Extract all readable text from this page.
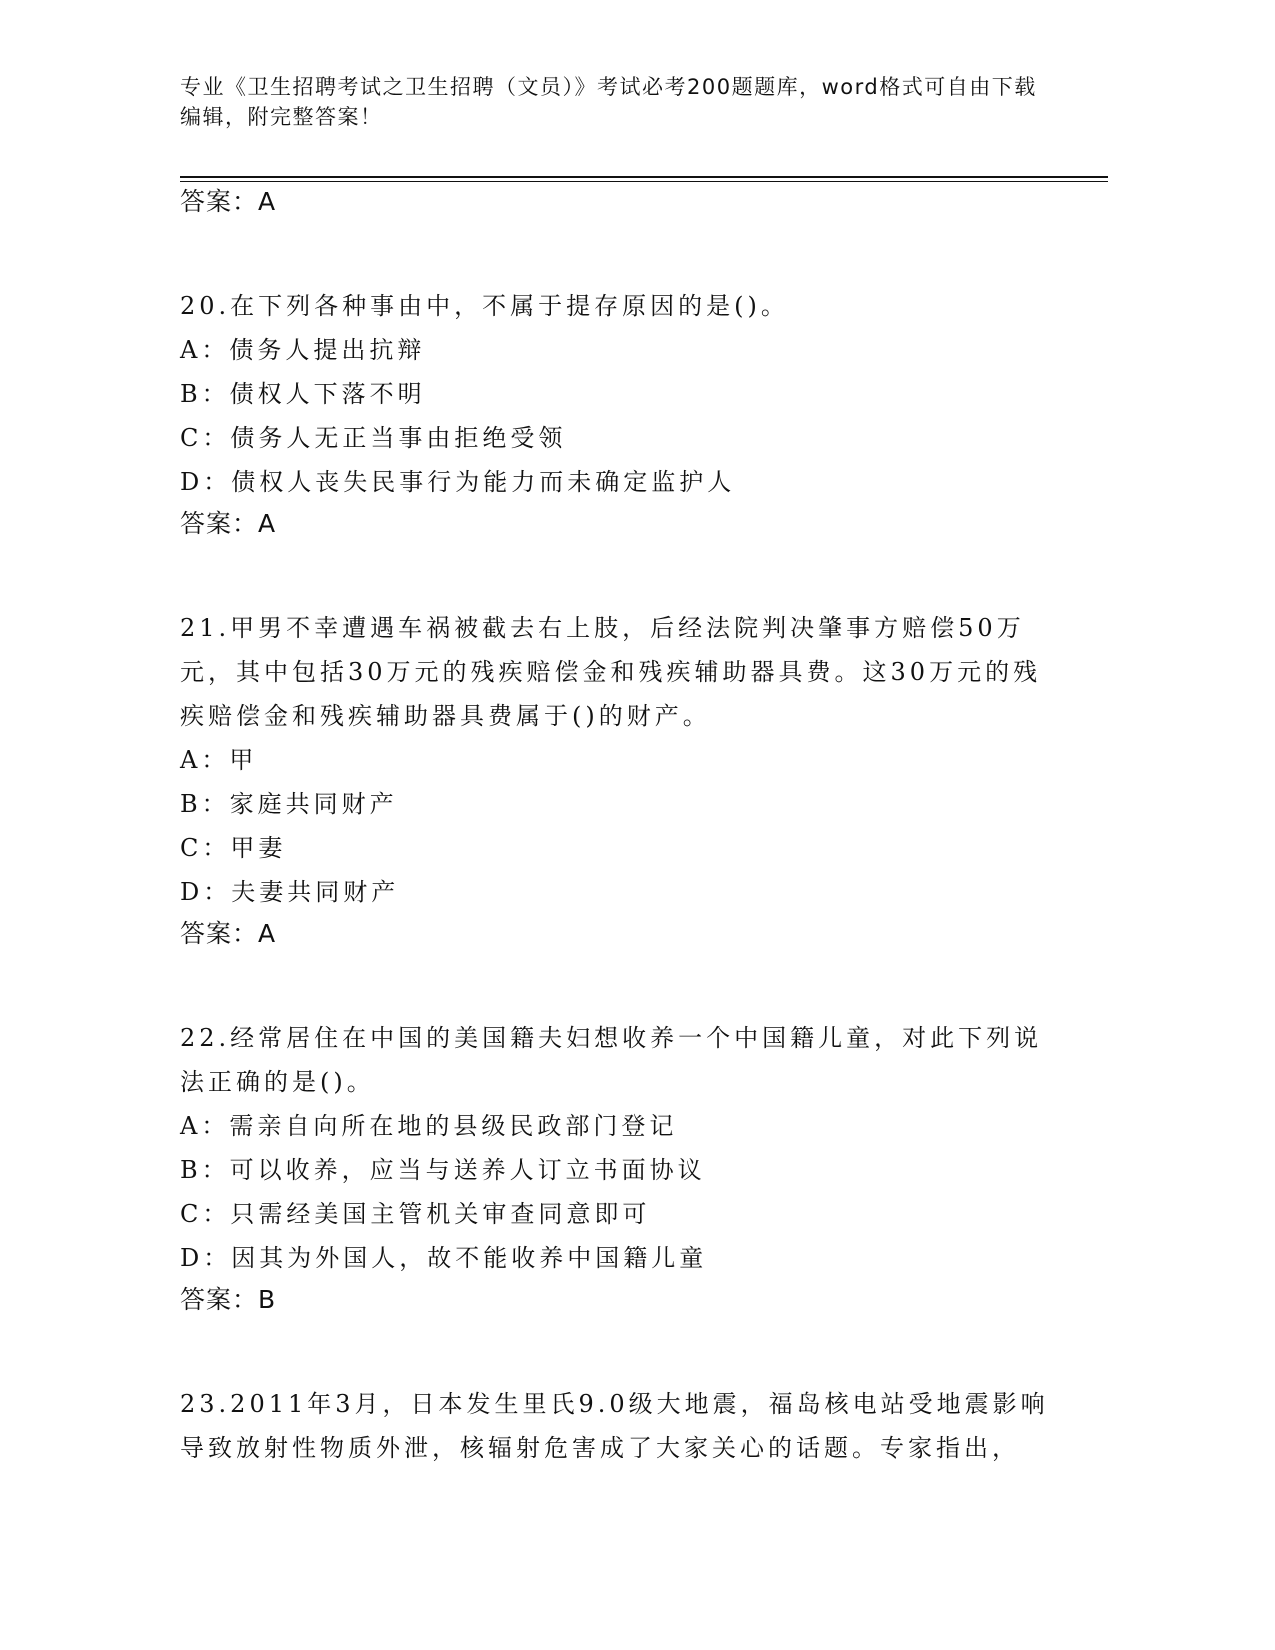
专业《卫生招聘考试之卫生招聘（文员）》考试必考200题题库，word格式可自由下载编辑，附完整答案！
答案：A
20.在下列各种事由中，不属于提存原因的是()。
A：债务人提出抗辩
B：债权人下落不明
C：债务人无正当事由拒绝受领
D：债权人丧失民事行为能力而未确定监护人
答案：A
21.甲男不幸遭遇车祸被截去右上肢，后经法院判决肇事方赔偿50万元，其中包括30万元的残疾赔偿金和残疾辅助器具费。这30万元的残疾赔偿金和残疾辅助器具费属于()的财产。
A：甲
B：家庭共同财产
C：甲妻
D：夫妻共同财产
答案：A
22.经常居住在中国的美国籍夫妇想收养一个中国籍儿童，对此下列说法正确的是()。
A：需亲自向所在地的县级民政部门登记
B：可以收养，应当与送养人订立书面协议
C：只需经美国主管机关审查同意即可
D：因其为外国人，故不能收养中国籍儿童
答案：B
23.2011年3月，日本发生里氏9.0级大地震，福岛核电站受地震影响导致放射性物质外泄，核辐射危害成了大家关心的话题。专家指出，
